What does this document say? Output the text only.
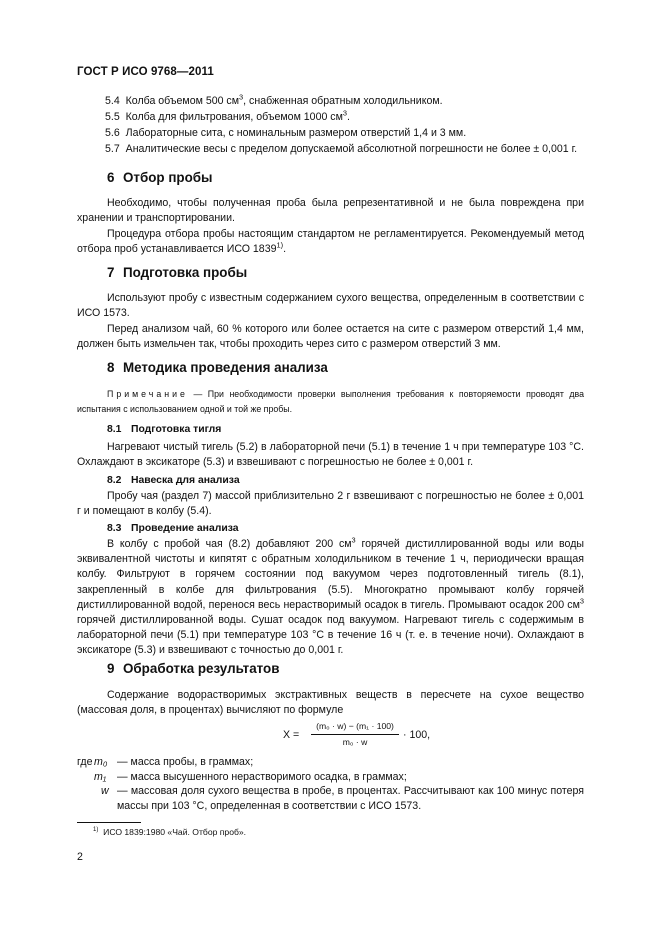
ГОСТ Р ИСО 9768—2011
5.4 Колба объемом 500 $см^3$, снабженная обратным холодильником.
5.5 Колба для фильтрования, объемом 1000 $см^3$.
5.6 Лабораторные сита, с номинальным размером отверстий 1,4 и 3 мм.
5.7 Аналитические весы с пределом допускаемой абсолютной погрешности не более ± 0,001 г.
6 Отбор пробы

Необходимо, чтобы полученная проба была репрезентативной и не была повреждена при хранении и транспортировании.

Процедура отбора пробы настоящим стандартом не регламентируется. Рекомендуемый метод отбора проб устанавливается ИСО 1839$^{1)}$.

7 Подготовка пробы

Используют пробу с известным содержанием сухого вещества, определенным в соответствии с ИСО 1573.

Перед анализом чай, 60 % которого или более остается на сите с размером отверстий 1,4 мм, должен быть измельчен так, чтобы проходить через сито с размером отверстий 3 мм.

8 Методика проведения анализа

Примечание — При необходимости проверки выполнения требования к повторяемости проводят два испытания с использованием одной и той же пробы.

8.1 Подготовка тигля

Нагревают чистый тигель (5.2) в лабораторной печи (5.1) в течение 1 ч при температуре 103 °С. Охлаждают в эксикаторе (5.3) и взвешивают с погрешностью не более ± 0,001 г.

8.2 Навеска для анализа

Пробу чая (раздел 7) массой приблизительно 2 г взвешивают с погрешностью не более ± 0,001 г и помещают в колбу (5.4).

8.3 Проведение анализа

В колбу с пробой чая (8.2) добавляют 200 $см^3$ горячей дистиллированной воды или воды эквивалентной чистоты и кипятят с обратным холодильником в течение 1 ч, периодически вращая колбу. Фильтруют в горячем состоянии под вакуумом через подготовленный тигель (8.1), закрепленный в колбе для фильтрования (5.5). Многократно промывают колбу горячей дистиллированной водой, перенося весь нерастворимый осадок в тигель. Промывают осадок 200 $см^3$ горячей дистиллированной воды. Сушат осадок под вакуумом. Нагревают тигель с содержимым в лабораторной печи (5.1) при температуре 103 °С в течение 16 ч (т. е. в течение ночи). Охлаждают в эксикаторе (5.3) и взвешивают с точностью до 0,001 г.

9 Обработка результатов

Содержание водорастворимых экстрактивных веществ в пересчете на сухое вещество (массовая доля, в процентах) вычисляют по формуле

X =
(m₀ · w) − (m₁ · 100)
m₀ · w
· 100,
где m₀ — масса пробы, в граммах;
m₁ — масса высушенного нерастворимого осадка, в граммах;
w — массовая доля сухого вещества в пробе, в процентах. Рассчитывают как 100 минус потеря массы при 103 °С, определенная в соответствии с ИСО 1573.

$^{1)}$ ИСО 1839:1980 «Чай. Отбор проб».
2
